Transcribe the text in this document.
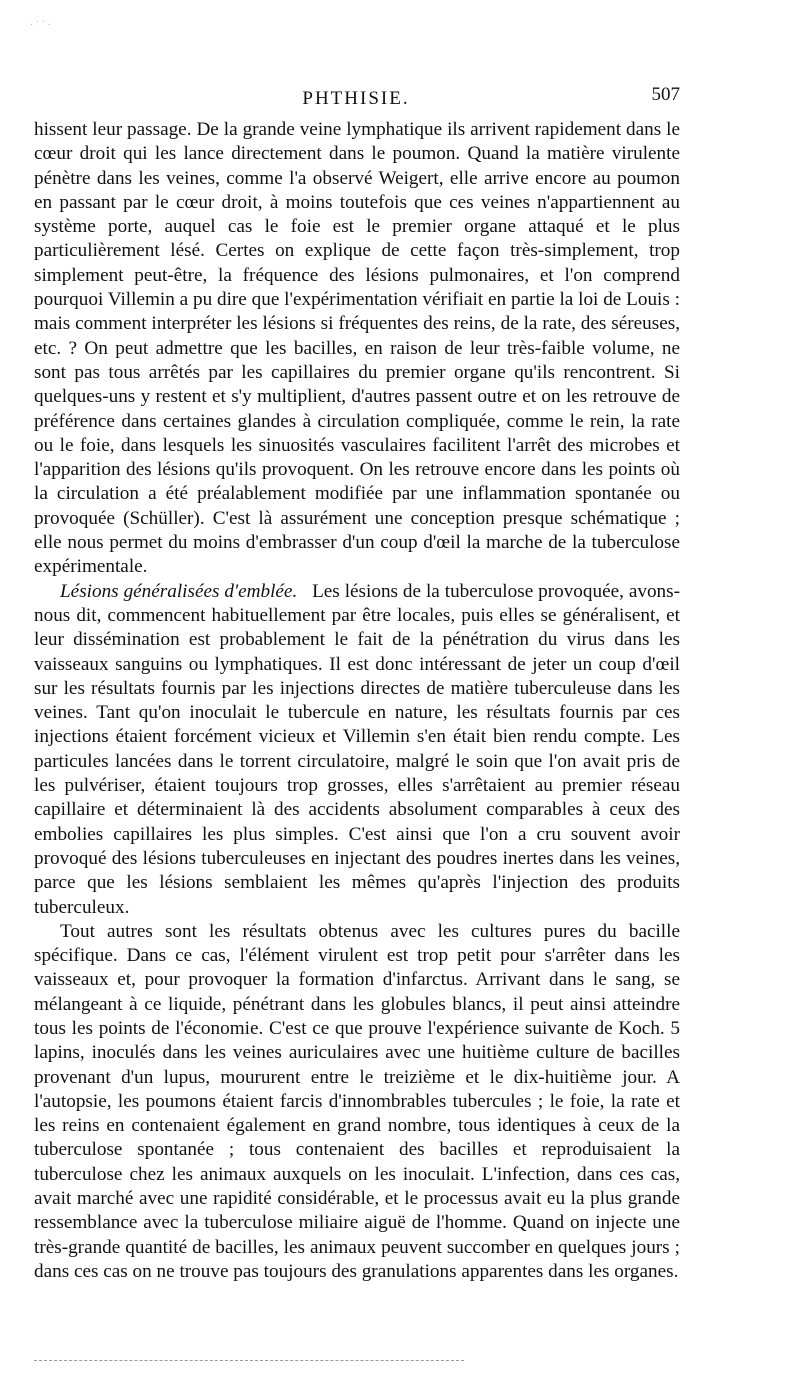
· ˙ ˙ ·
PHTHISIE.	507

hissent leur passage. De la grande veine lymphatique ils arrivent rapidement dans le cœur droit qui les lance directement dans le poumon. Quand la matière virulente pénètre dans les veines, comme l'a observé Weigert, elle arrive encore au poumon en passant par le cœur droit, à moins toutefois que ces veines n'appartiennent au système porte, auquel cas le foie est le premier organe attaqué et le plus particulièrement lésé. Certes on explique de cette façon très-simplement, trop simplement peut-être, la fréquence des lésions pulmonaires, et l'on comprend pourquoi Villemin a pu dire que l'expérimentation vérifiait en partie la loi de Louis : mais comment interpréter les lésions si fréquentes des reins, de la rate, des séreuses, etc. ? On peut admettre que les bacilles, en raison de leur très-faible volume, ne sont pas tous arrêtés par les capillaires du premier organe qu'ils rencontrent. Si quelques-uns y restent et s'y multiplient, d'autres passent outre et on les retrouve de préférence dans certaines glandes à circulation compliquée, comme le rein, la rate ou le foie, dans lesquels les sinuosités vasculaires facilitent l'arrêt des microbes et l'apparition des lésions qu'ils provoquent. On les retrouve encore dans les points où la circulation a été préalablement modifiée par une inflammation spontanée ou provoquée (Schüller). C'est là assurément une conception presque schématique ; elle nous permet du moins d'embrasser d'un coup d'œil la marche de la tuberculose expérimentale.

Lésions généralisées d'emblée. Les lésions de la tuberculose provoquée, avons-nous dit, commencent habituellement par être locales, puis elles se généralisent, et leur dissémination est probablement le fait de la pénétration du virus dans les vaisseaux sanguins ou lymphatiques. Il est donc intéressant de jeter un coup d'œil sur les résultats fournis par les injections directes de matière tuberculeuse dans les veines. Tant qu'on inoculait le tubercule en nature, les résultats fournis par ces injections étaient forcément vicieux et Villemin s'en était bien rendu compte. Les particules lancées dans le torrent circulatoire, malgré le soin que l'on avait pris de les pulvériser, étaient toujours trop grosses, elles s'arrêtaient au premier réseau capillaire et déterminaient là des accidents absolument comparables à ceux des embolies capillaires les plus simples. C'est ainsi que l'on a cru souvent avoir provoqué des lésions tuberculeuses en injectant des poudres inertes dans les veines, parce que les lésions semblaient les mêmes qu'après l'injection des produits tuberculeux.

Tout autres sont les résultats obtenus avec les cultures pures du bacille spécifique. Dans ce cas, l'élément virulent est trop petit pour s'arrêter dans les vaisseaux et, pour provoquer la formation d'infarctus. Arrivant dans le sang, se mélangeant à ce liquide, pénétrant dans les globules blancs, il peut ainsi atteindre tous les points de l'économie. C'est ce que prouve l'expérience suivante de Koch. 5 lapins, inoculés dans les veines auriculaires avec une huitième culture de bacilles provenant d'un lupus, moururent entre le treizième et le dix-huitième jour. A l'autopsie, les poumons étaient farcis d'innombrables tubercules ; le foie, la rate et les reins en contenaient également en grand nombre, tous identiques à ceux de la tuberculose spontanée ; tous contenaient des bacilles et reproduisaient la tuberculose chez les animaux auxquels on les inoculait. L'infection, dans ces cas, avait marché avec une rapidité considérable, et le processus avait eu la plus grande ressemblance avec la tuberculose miliaire aiguë de l'homme. Quand on injecte une très-grande quantité de bacilles, les animaux peuvent succomber en quelques jours ; dans ces cas on ne trouve pas toujours des granulations apparentes dans les organes.
